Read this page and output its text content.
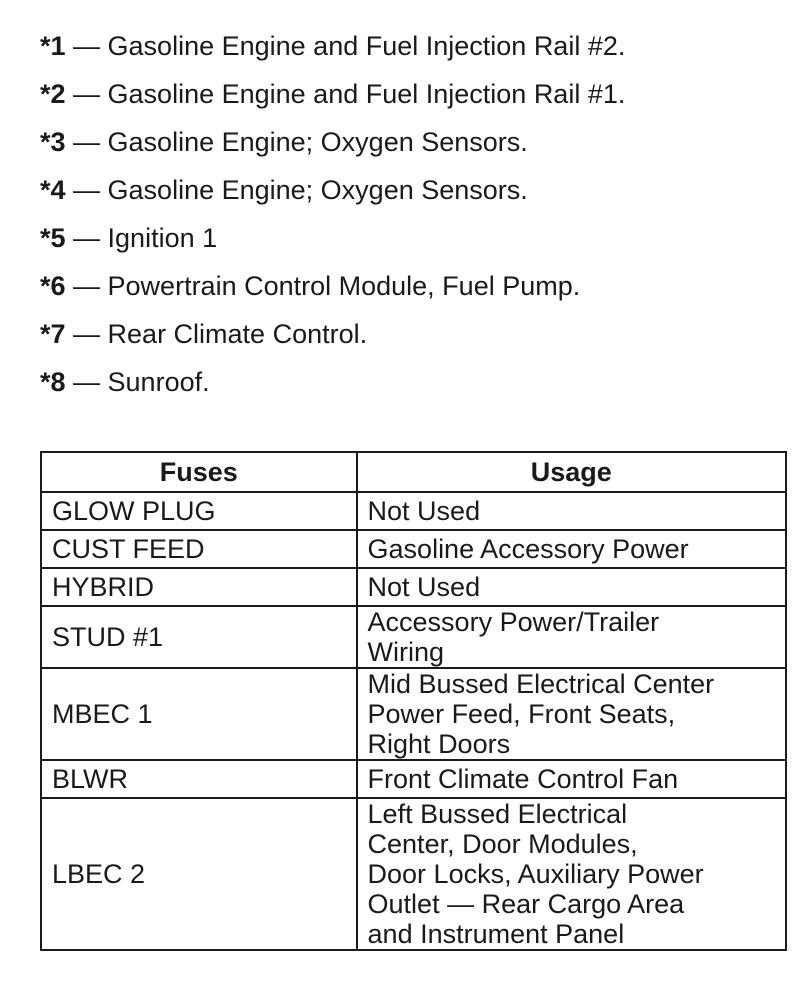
*1 — Gasoline Engine and Fuel Injection Rail #2.
*2 — Gasoline Engine and Fuel Injection Rail #1.
*3 — Gasoline Engine; Oxygen Sensors.
*4 — Gasoline Engine; Oxygen Sensors.
*5 — Ignition 1
*6 — Powertrain Control Module, Fuel Pump.
*7 — Rear Climate Control.
*8 — Sunroof.
Fuses	Usage
GLOW PLUG	Not Used

CUST FEED	Gasoline Accessory Power

HYBRID	Not Used

STUD #1	Accessory Power/Trailer
Wiring

MBEC 1	Mid Bussed Electrical Center
Power Feed, Front Seats,
Right Doors

BLWR	Front Climate Control Fan

LBEC 2	Left Bussed Electrical
Center, Door Modules,
Door Locks, Auxiliary Power
Outlet — Rear Cargo Area
and Instrument Panel
